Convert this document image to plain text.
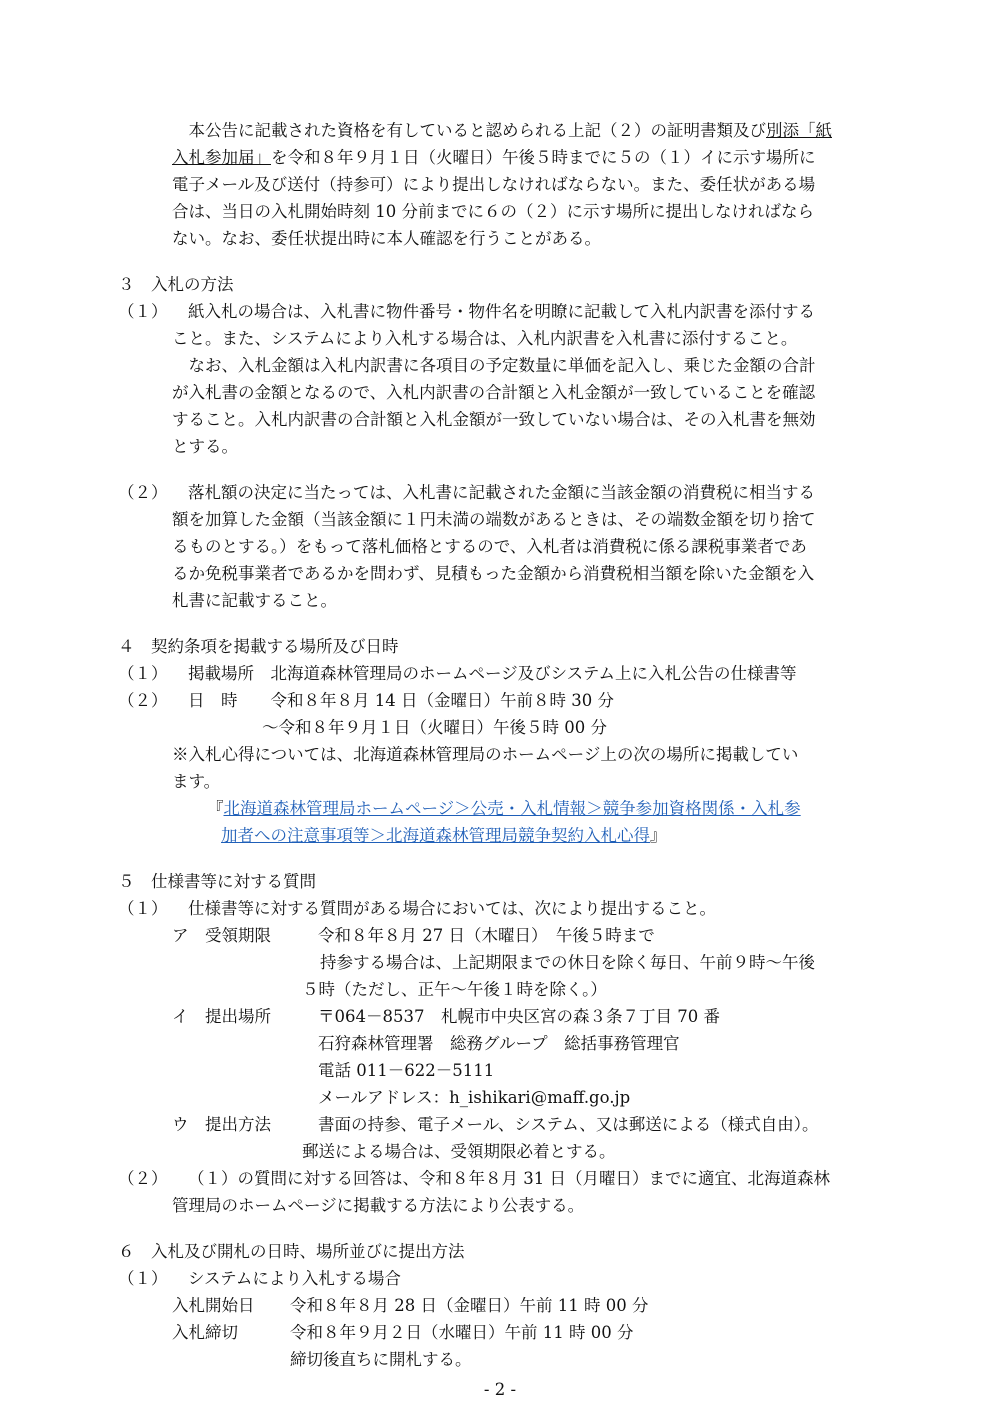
　本公告に記載された資格を有していると認められる上記（２）の証明書類及び別添「紙
入札参加届」を令和８年９月１日（火曜日）午後５時までに５の（１）イに示す場所に
電子メール及び送付（持参可）により提出しなければならない。また、委任状がある場
合は、当日の入札開始時刻 10 分前までに６の（２）に示す場所に提出しなければなら
ない。なお、委任状提出時に本人確認を行うことがある。
３　入札の方法
（１） 紙入札の場合は、入札書に物件番号・物件名を明瞭に記載して入札内訳書を添付する
こと。また、システムにより入札する場合は、入札内訳書を入札書に添付すること。
　なお、入札金額は入札内訳書に各項目の予定数量に単価を記入し、乗じた金額の合計
が入札書の金額となるので、入札内訳書の合計額と入札金額が一致していることを確認
すること。入札内訳書の合計額と入札金額が一致していない場合は、その入札書を無効
とする。
（２） 落札額の決定に当たっては、入札書に記載された金額に当該金額の消費税に相当する
額を加算した金額（当該金額に１円未満の端数があるときは、その端数金額を切り捨て
るものとする。）をもって落札価格とするので、入札者は消費税に係る課税事業者であ
るか免税事業者であるかを問わず、見積もった金額から消費税相当額を除いた金額を入
札書に記載すること。
４　契約条項を掲載する場所及び日時
（１） 掲載場所　北海道森林管理局のホームページ及びシステム上に入札公告の仕様書等
（２） 日　時　　令和８年８月 14 日（金曜日）午前８時 30 分
～令和８年９月１日（火曜日）午後５時 00 分
※入札心得については、北海道森林管理局のホームページ上の次の場所に掲載してい
ます。
『北海道森林管理局ホームページ＞公売・入札情報＞競争参加資格関係・入札参
加者への注意事項等＞北海道森林管理局競争契約入札心得』
５　仕様書等に対する質問
（１） 仕様書等に対する質問がある場合においては、次により提出すること。
ア　受領期限	令和８年８月 27 日（木曜日）　午後５時まで
持参する場合は、上記期限までの休日を除く毎日、午前９時～午後
５時（ただし、正午～午後１時を除く。）
イ　提出場所	〒064－8537　札幌市中央区宮の森３条７丁目 70 番
石狩森林管理署　総務グループ　総括事務管理官
電話 011－622－5111
メールアドレス：h_ishikari@maff.go.jp
ウ　提出方法	書面の持参、電子メール、システム、又は郵送による（様式自由）。
郵送による場合は、受領期限必着とする。
（２） （１）の質問に対する回答は、令和８年８月 31 日（月曜日）までに適宜、北海道森林
管理局のホームページに掲載する方法により公表する。
６　入札及び開札の日時、場所並びに提出方法
（１） システムにより入札する場合
入札開始日 令和８年８月 28 日（金曜日）午前 11 時 00 分
入札締切	令和８年９月２日（水曜日）午前 11 時 00 分
締切後直ちに開札する。
- 2 -
